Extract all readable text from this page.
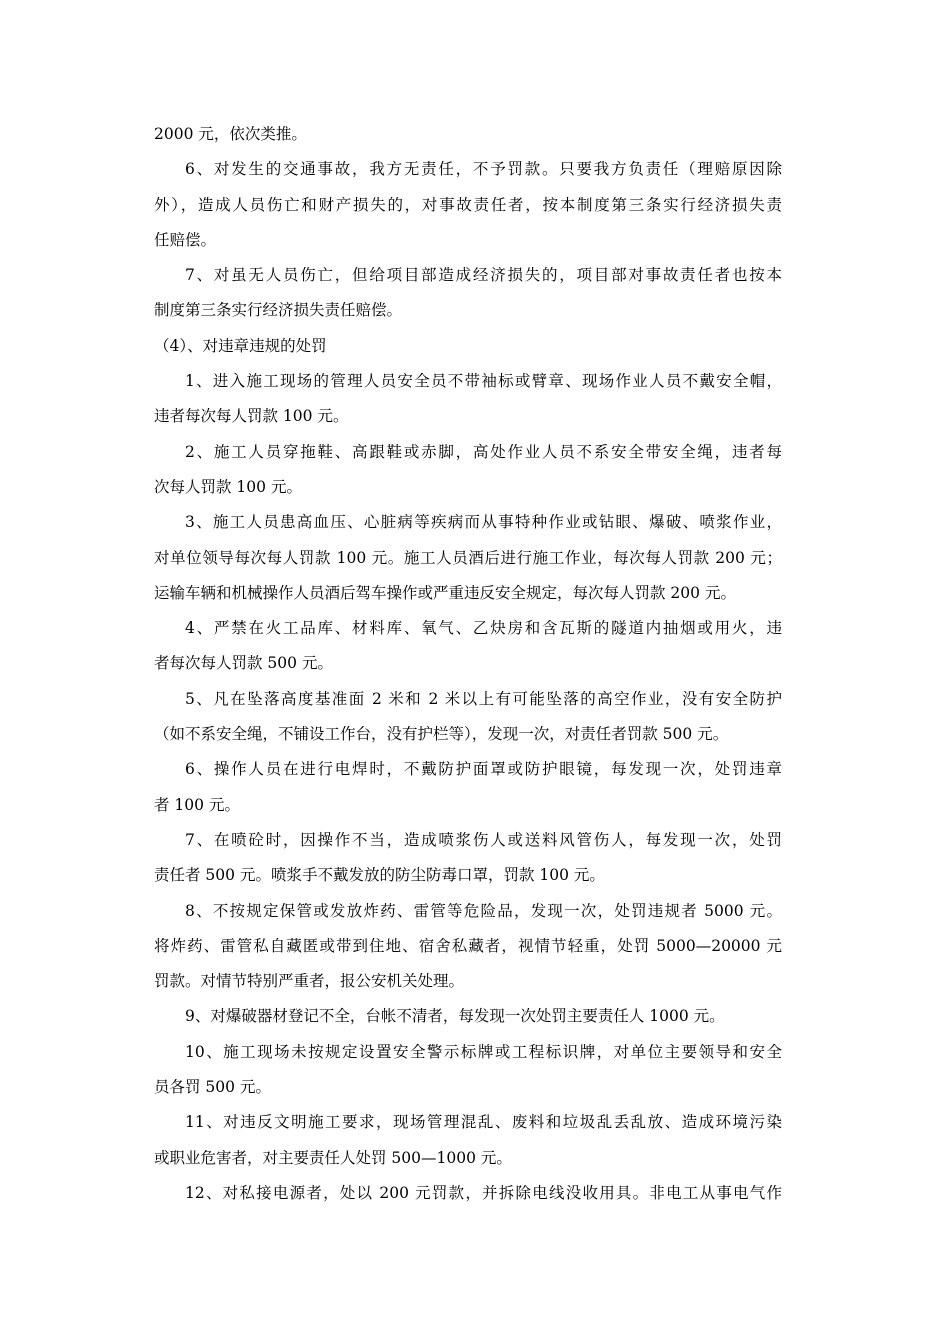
2000 元，依次类推。
6、对发生的交通事故，我方无责任，不予罚款。只要我方负责任（理赔原因除
外），造成人员伤亡和财产损失的，对事故责任者，按本制度第三条实行经济损失责
任赔偿。
7、对虽无人员伤亡，但给项目部造成经济损失的，项目部对事故责任者也按本
制度第三条实行经济损失责任赔偿。
（4）、对违章违规的处罚
1、进入施工现场的管理人员安全员不带袖标或臂章、现场作业人员不戴安全帽，
违者每次每人罚款 100 元。
2、施工人员穿拖鞋、高跟鞋或赤脚，高处作业人员不系安全带安全绳，违者每
次每人罚款 100 元。
3、施工人员患高血压、心脏病等疾病而从事特种作业或钻眼、爆破、喷浆作业，
对单位领导每次每人罚款 100 元。施工人员酒后进行施工作业，每次每人罚款 200 元；
运输车辆和机械操作人员酒后驾车操作或严重违反安全规定，每次每人罚款 200 元。
4、严禁在火工品库、材料库、氧气、乙炔房和含瓦斯的隧道内抽烟或用火，违
者每次每人罚款 500 元。
5、凡在坠落高度基准面 2 米和 2 米以上有可能坠落的高空作业，没有安全防护
（如不系安全绳，不铺设工作台，没有护栏等），发现一次，对责任者罚款 500 元。
6、操作人员在进行电焊时，不戴防护面罩或防护眼镜，每发现一次，处罚违章
者 100 元。
7、在喷砼时，因操作不当，造成喷浆伤人或送料风管伤人，每发现一次，处罚
责任者 500 元。喷浆手不戴发放的防尘防毒口罩，罚款 100 元。
8、不按规定保管或发放炸药、雷管等危险品，发现一次，处罚违规者 5000 元。
将炸药、雷管私自藏匿或带到住地、宿舍私藏者，视情节轻重，处罚 5000—20000 元
罚款。对情节特别严重者，报公安机关处理。
9、对爆破器材登记不全，台帐不清者，每发现一次处罚主要责任人 1000 元。
10、施工现场未按规定设置安全警示标牌或工程标识牌，对单位主要领导和安全
员各罚 500 元。
11、对违反文明施工要求，现场管理混乱、废料和垃圾乱丢乱放、造成环境污染
或职业危害者，对主要责任人处罚 500—1000 元。
12、对私接电源者，处以 200 元罚款，并拆除电线没收用具。非电工从事电气作
